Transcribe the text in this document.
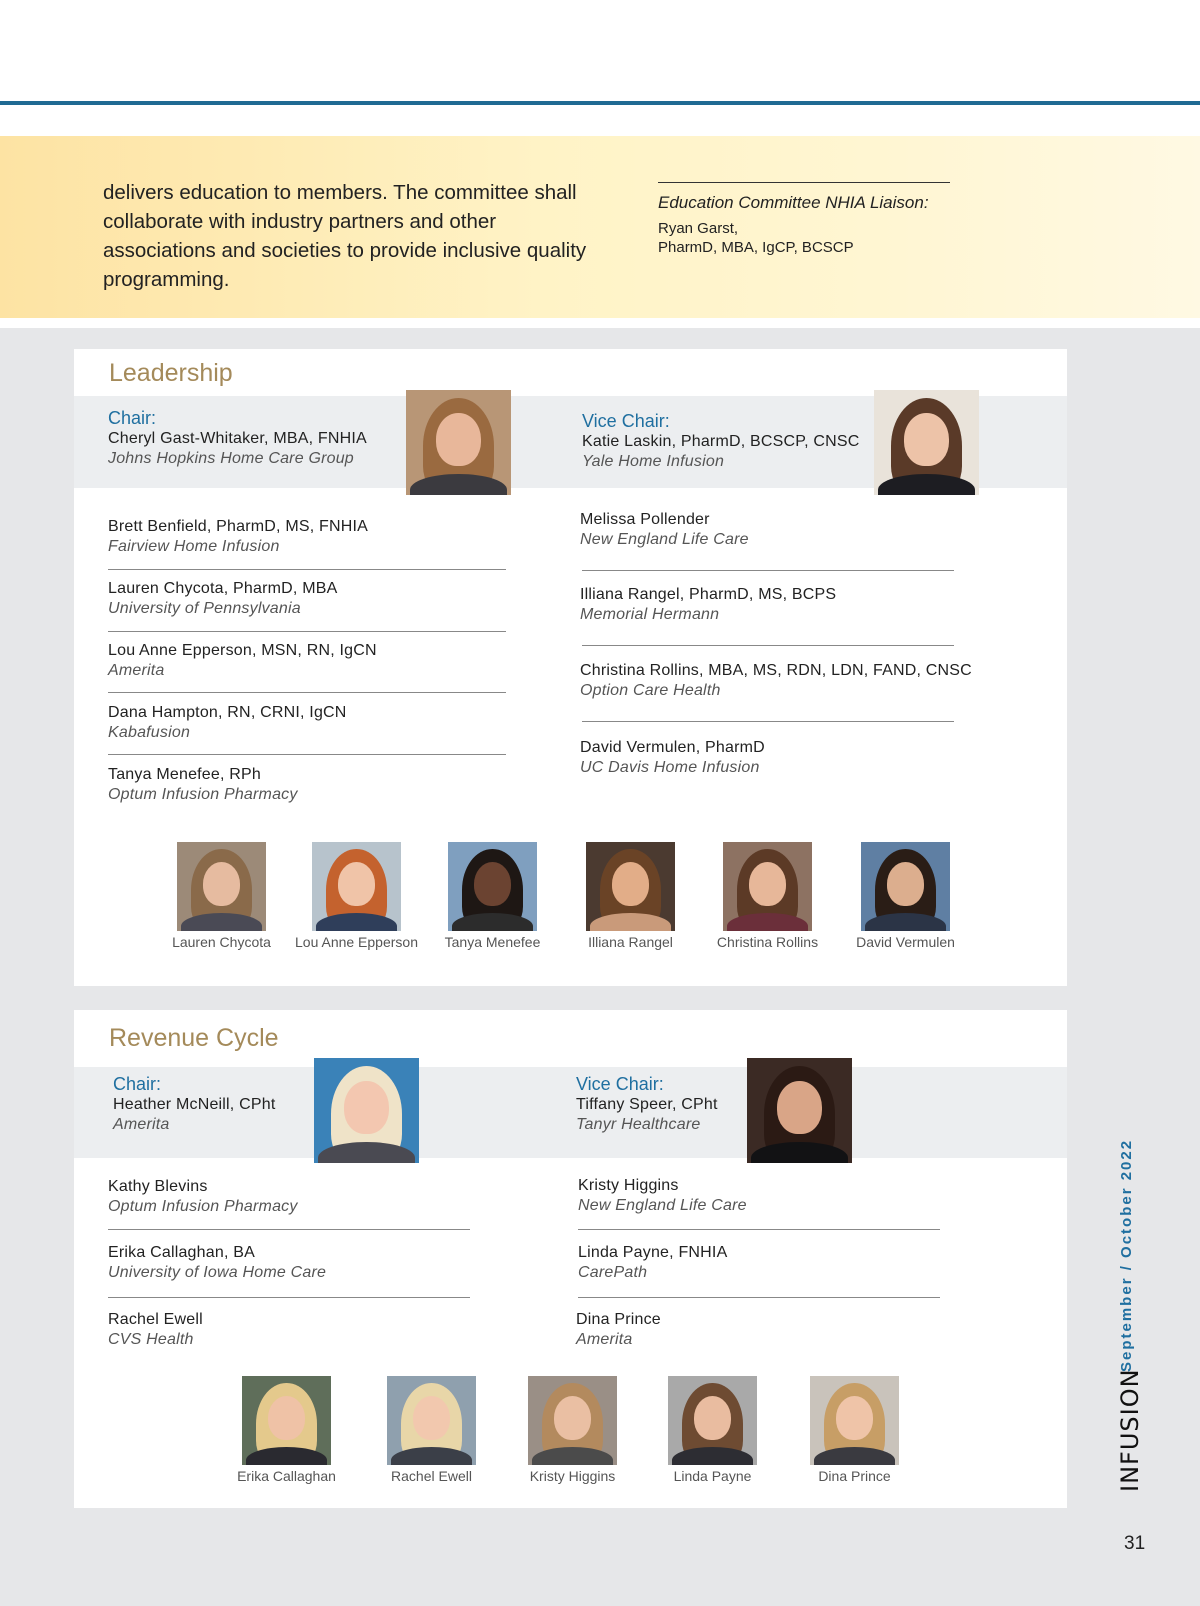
delivers education to members. The committee shall collaborate with industry partners and other associations and societies to provide inclusive quality programming.
Education Committee NHIA Liaison:
Ryan Garst,
PharmD, MBA, IgCP, BCSCP
Leadership
Chair:
Cheryl Gast-Whitaker, MBA, FNHIA
Johns Hopkins Home Care Group
Vice Chair:
Katie Laskin, PharmD, BCSCP, CNSC
Yale Home Infusion
Brett Benfield, PharmD, MS, FNHIA
Fairview Home Infusion
Lauren Chycota, PharmD, MBA
University of Pennsylvania
Lou Anne Epperson, MSN, RN, IgCN
Amerita
Dana Hampton, RN, CRNI, IgCN
Kabafusion
Tanya Menefee, RPh
Optum Infusion Pharmacy
Melissa Pollender
New England Life Care
Illiana Rangel, PharmD, MS, BCPS
Memorial Hermann
Christina Rollins, MBA, MS, RDN, LDN, FAND, CNSC
Option Care Health
David Vermulen, PharmD
UC Davis Home Infusion
Lauren Chycota Lou Anne Epperson Tanya Menefee	Illiana Rangel	Christina Rollins	David Vermulen
Revenue Cycle
Chair:
Heather McNeill, CPht
Amerita
Vice Chair:
Tiffany Speer, CPht
Tanyr Healthcare
Kathy Blevins
Optum Infusion Pharmacy
Erika Callaghan, BA
University of Iowa Home Care
Rachel Ewell
CVS Health
Kristy Higgins
New England Life Care
Linda Payne, FNHIA
CarePath
Dina Prince
Amerita
Erika Callaghan	Rachel Ewell	Kristy Higgins	Linda Payne	Dina Prince
September / October 2022
INFUSION
31
